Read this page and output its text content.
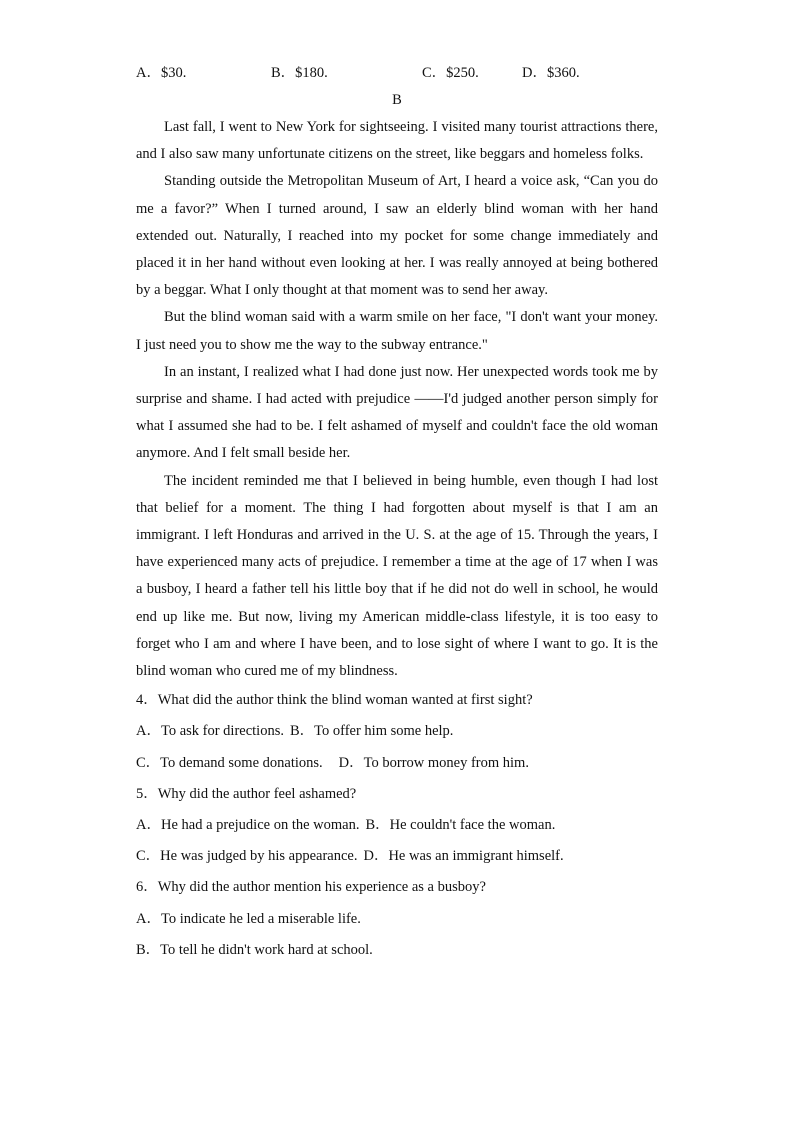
A．$30.	B．$180.	C．$250.	D．$360.
B

Last fall, I went to New York for sightseeing. I visited many tourist attractions there, and I also saw many unfortunate citizens on the street, like beggars and homeless folks.

Standing outside the Metropolitan Museum of Art, I heard a voice ask, “Can you do me a favor?” When I turned around, I saw an elderly blind woman with her hand extended out. Naturally, I reached into my pocket for some change immediately and placed it in her hand without even looking at her. I was really annoyed at being bothered by a beggar. What I only thought at that moment was to send her away.

But the blind woman said with a warm smile on her face, "I don't want your money. I just need you to show me the way to the subway entrance."

In an instant, I realized what I had done just now. Her unexpected words took me by surprise and shame. I had acted with prejudice ——I'd judged another person simply for what I assumed she had to be. I felt ashamed of myself and couldn't face the old woman anymore. And I felt small beside her.

The incident reminded me that I believed in being humble, even though I had lost that belief for a moment. The thing I had forgotten about myself is that I am an immigrant. I left Honduras and arrived in the U. S. at the age of 15. Through the years, I have experienced many acts of prejudice. I remember a time at the age of 17 when I was a busboy, I heard a father tell his little boy that if he did not do well in school, he would end up like me. But now, living my American middle-class lifestyle, it is too easy to forget who I am and where I have been, and to lose sight of where I want to go. It is the blind woman who cured me of my blindness.

4．What did the author think the blind woman wanted at first sight?
A．To ask for directions. B．To offer him some help.
C．To demand some donations. D．To borrow money from him.
5．Why did the author feel ashamed?
A．He had a prejudice on the woman. B．He couldn't face the woman.
C．He was judged by his appearance. D．He was an immigrant himself.
6．Why did the author mention his experience as a busboy?
A．To indicate he led a miserable life.
B．To tell he didn't work hard at school.
